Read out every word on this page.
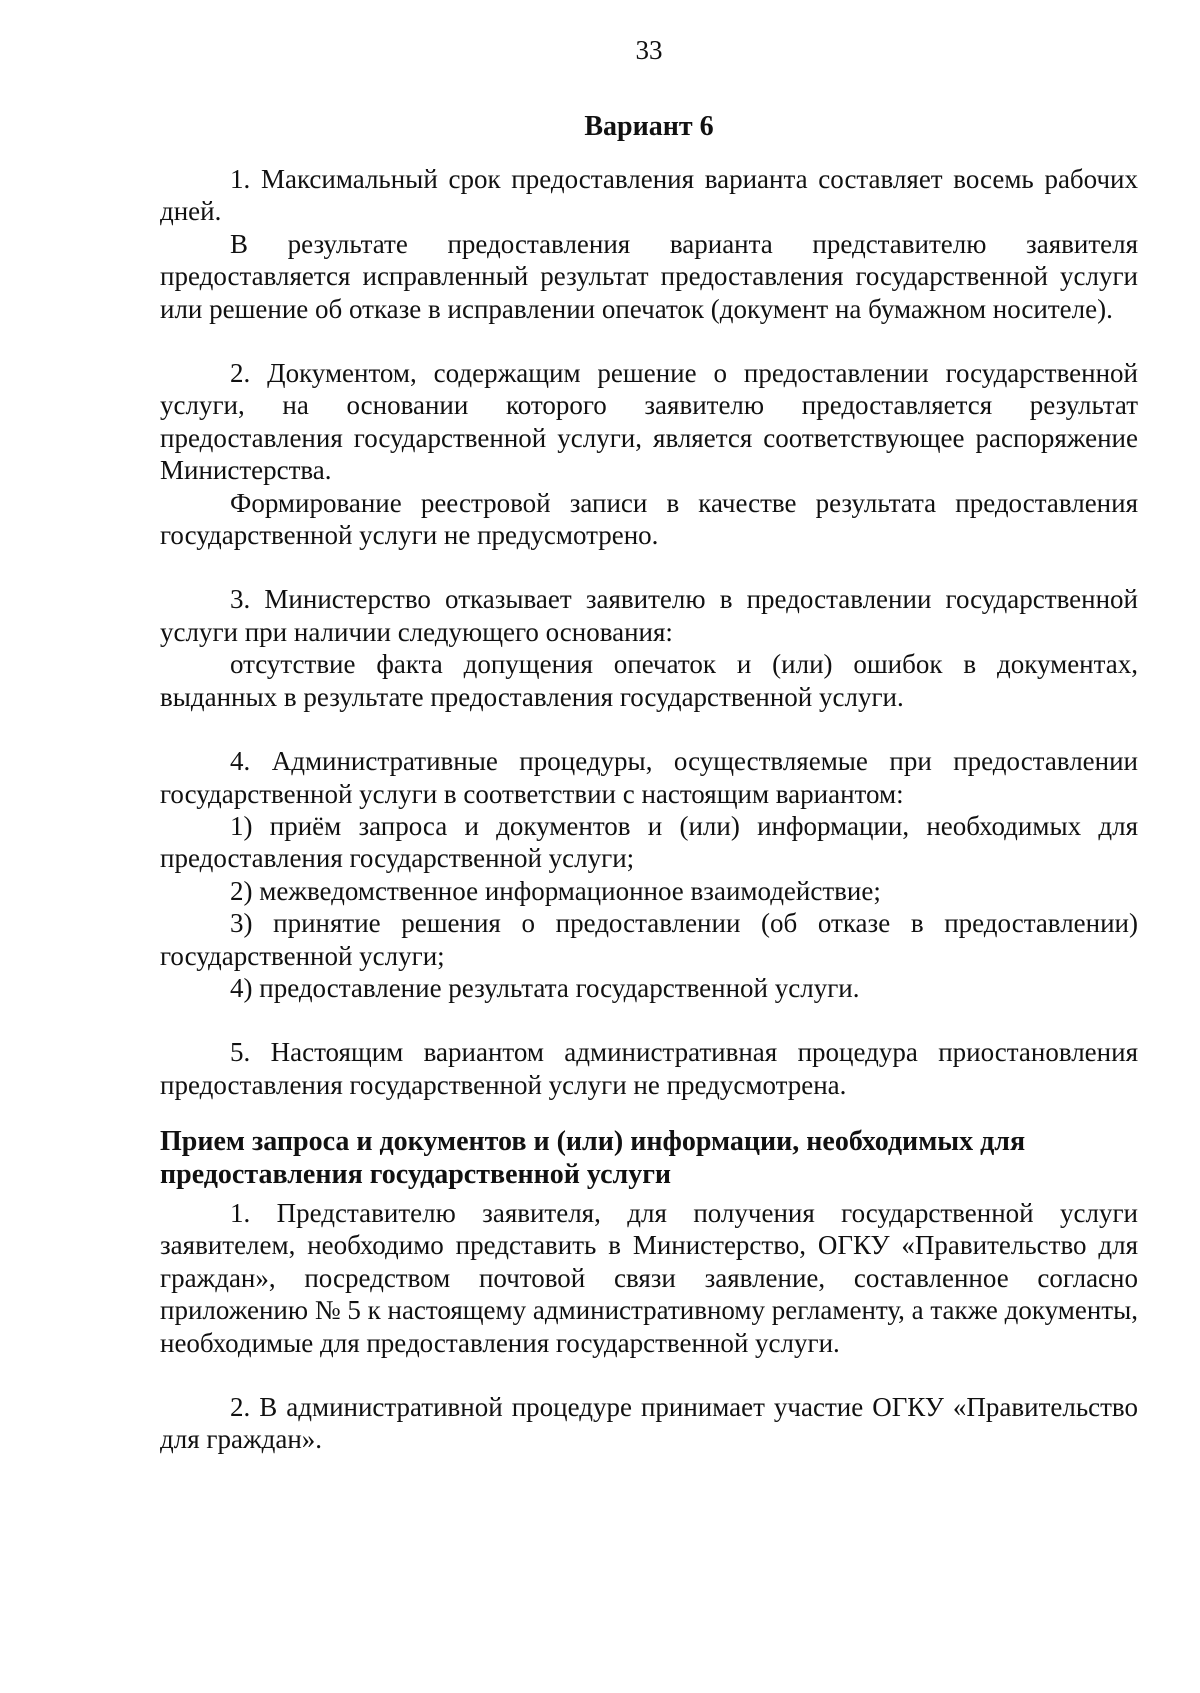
33
Вариант 6

1. Максимальный срок предоставления варианта составляет восемь рабочих дней.

В результате предоставления варианта представителю заявителя предоставляется исправленный результат предоставления государственной услуги или решение об отказе в исправлении опечаток (документ на бумажном носителе).

2. Документом, содержащим решение о предоставлении государственной услуги, на основании которого заявителю предоставляется результат предоставления государственной услуги, является соответствующее распоряжение Министерства.

Формирование реестровой записи в качестве результата предоставления государственной услуги не предусмотрено.

3. Министерство отказывает заявителю в предоставлении государственной услуги при наличии следующего основания:

отсутствие факта допущения опечаток и (или) ошибок в документах, выданных в результате предоставления государственной услуги.

4. Административные процедуры, осуществляемые при предоставлении государственной услуги в соответствии с настоящим вариантом:

1) приём запроса и документов и (или) информации, необходимых для предоставления государственной услуги;

2) межведомственное информационное взаимодействие;

3) принятие решения о предоставлении (об отказе в предоставлении) государственной услуги;

4) предоставление результата государственной услуги.

5. Настоящим вариантом административная процедура приостановления предоставления государственной услуги не предусмотрена.

Прием запроса и документов и (или) информации, необходимых для
предоставления государственной услуги

1. Представителю заявителя, для получения государственной услуги заявителем, необходимо представить в Министерство, ОГКУ «Правительство для граждан», посредством почтовой связи заявление, составленное согласно приложению № 5 к настоящему административному регламенту, а также документы, необходимые для предоставления государственной услуги.

2. В административной процедуре принимает участие ОГКУ «Правительство для граждан».
